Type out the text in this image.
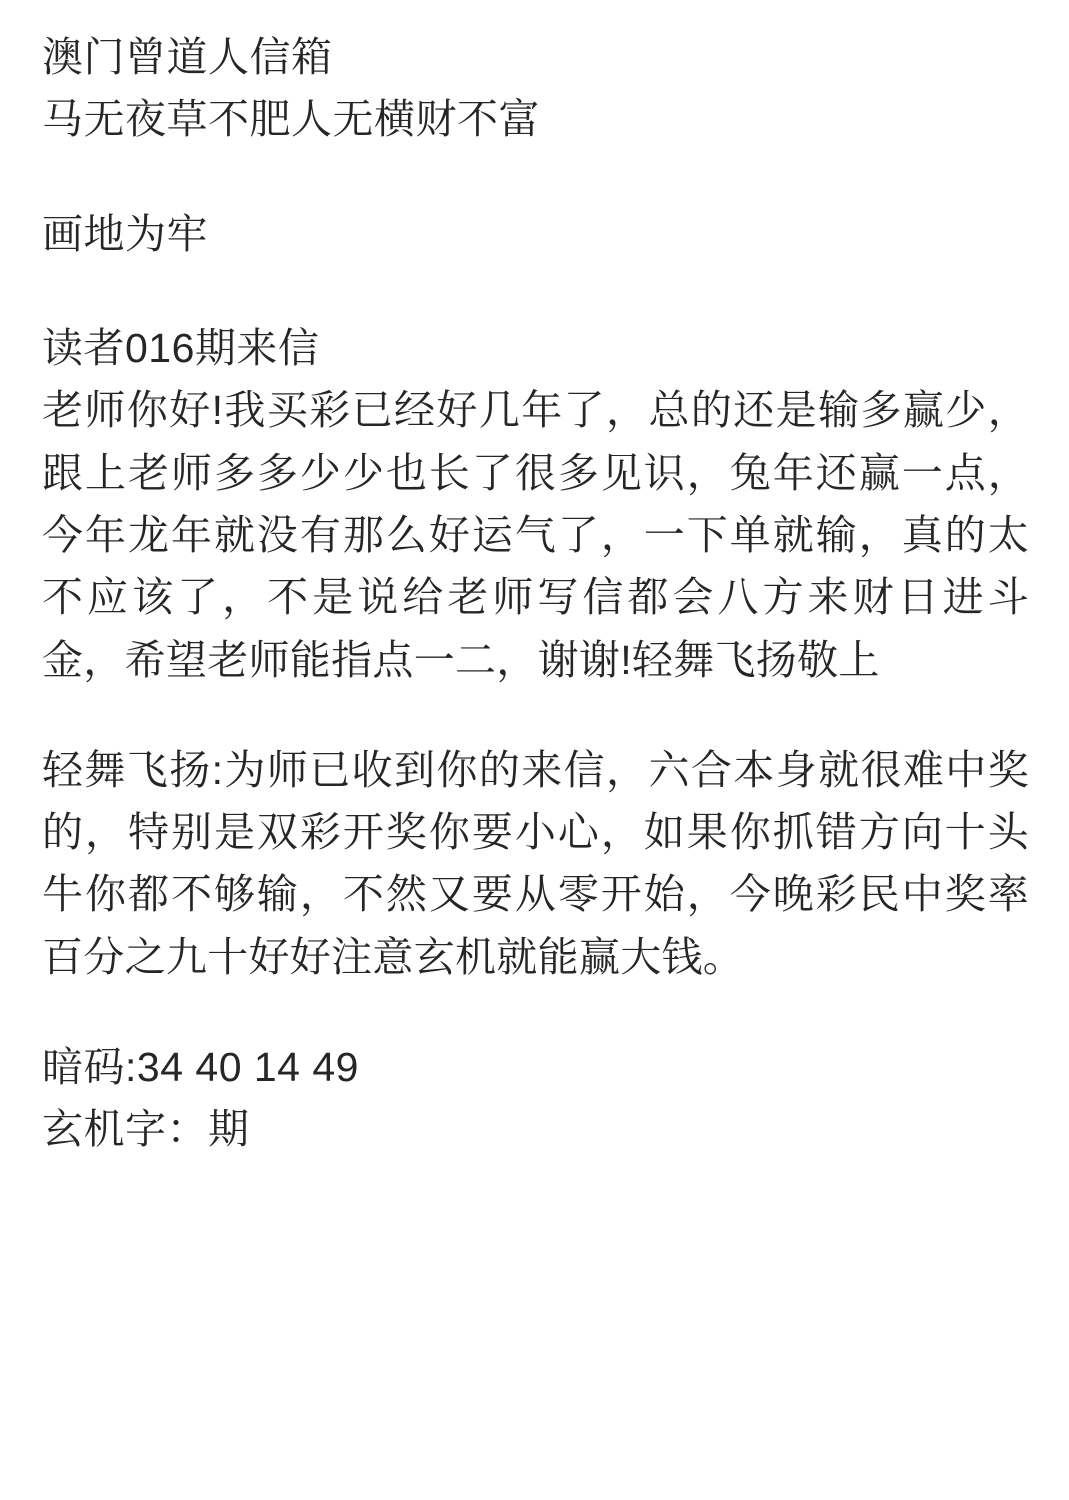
澳门曾道人信箱
马无夜草不肥人无横财不富
画地为牢
读者016期来信

老师你好!我买彩已经好几年了，总的还是输多赢少，跟上老师多多少少也长了很多见识，兔年还赢一点，今年龙年就没有那么好运气了，一下单就输，真的太不应该了，不是说给老师写信都会八方来财日进斗金，希望老师能指点一二，谢谢!轻舞飞扬敬上

轻舞飞扬:为师已收到你的来信，六合本身就很难中奖的，特别是双彩开奖你要小心，如果你抓错方向十头牛你都不够输，不然又要从零开始，今晚彩民中奖率百分之九十好好注意玄机就能赢大钱。

暗码:34 40 14 49
玄机字：期
